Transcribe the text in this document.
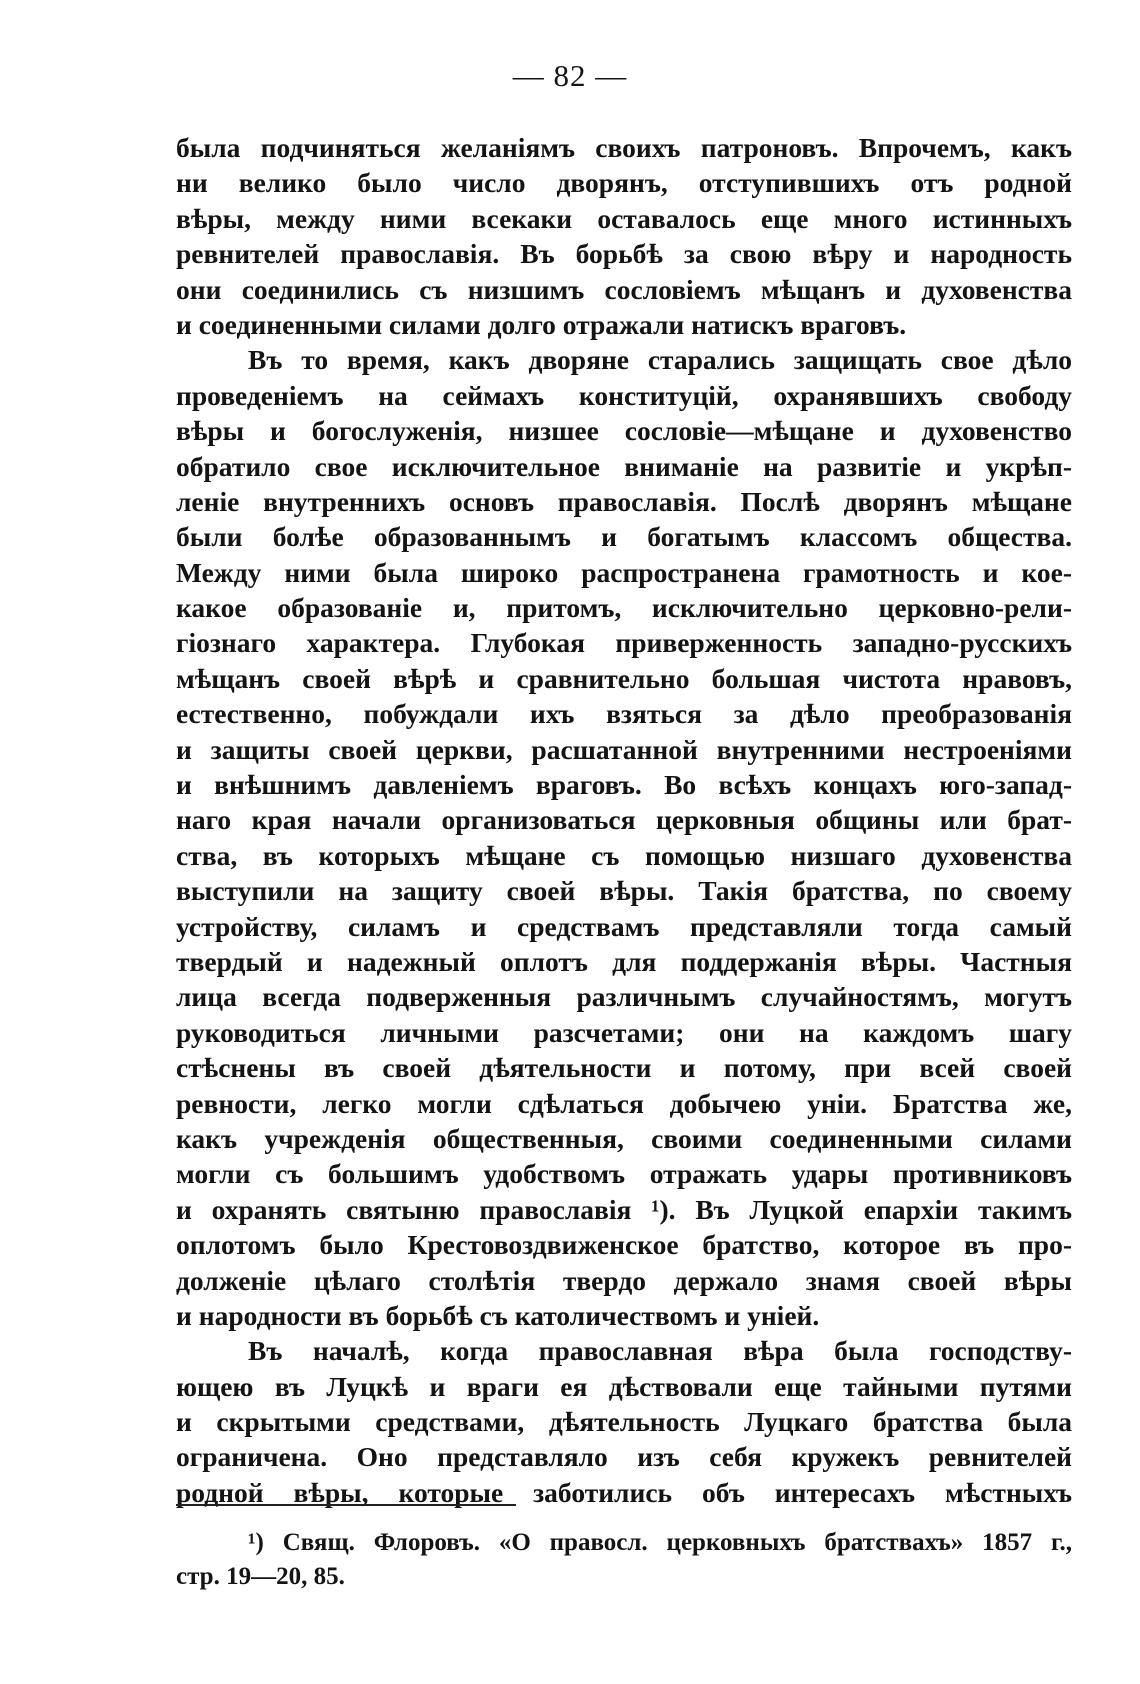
— 82 —
была подчиняться желаніямъ своихъ патроновъ. Впрочемъ, какъ
ни велико было число дворянъ, отступившихъ отъ родной
вѣры, между ними всекаки оставалось еще много истинныхъ
ревнителей православія. Въ борьбѣ за свою вѣру и народность
они соединились съ низшимъ сословіемъ мѣщанъ и духовенства
и соединенными силами долго отражали натискъ враговъ.
Въ то время, какъ дворяне старались защищать свое дѣло
проведеніемъ на сеймахъ конституцій, охранявшихъ свободу
вѣры и богослуженія, низшее сословіе—мѣщане и духовенство
обратило свое исключительное вниманіе на развитіе и укрѣп-
леніе внутреннихъ основъ православія. Послѣ дворянъ мѣщане
были болѣе образованнымъ и богатымъ классомъ общества.
Между ними была широко распространена грамотность и кое-
какое образованіе и, притомъ, исключительно церковно-рели-
гіознаго характера. Глубокая приверженность западно-русскихъ
мѣщанъ своей вѣрѣ и сравнительно большая чистота нравовъ,
естественно, побуждали ихъ взяться за дѣло преобразованія
и защиты своей церкви, расшатанной внутренними нестроеніями
и внѣшнимъ давленіемъ враговъ. Во всѣхъ концахъ юго-запад-
наго края начали организоваться церковныя общины или брат-
ства, въ которыхъ мѣщане съ помощью низшаго духовенства
выступили на защиту своей вѣры. Такія братства, по своему
устройству, силамъ и средствамъ представляли тогда самый
твердый и надежный оплотъ для поддержанія вѣры. Частныя
лица всегда подверженныя различнымъ случайностямъ, могутъ
руководиться личными разсчетами; они на каждомъ шагу
стѣснены въ своей дѣятельности и потому, при всей своей
ревности, легко могли сдѣлаться добычею уніи. Братства же,
какъ учрежденія общественныя, своими соединенными силами
могли съ большимъ удобствомъ отражать удары противниковъ
и охранять святыню православія ¹). Въ Луцкой епархіи такимъ
оплотомъ было Крестовоздвиженское братство, которое въ про-
долженіе цѣлаго столѣтія твердо держало знамя своей вѣры
и народности въ борьбѣ съ католичествомъ и уніей.
Въ началѣ, когда православная вѣра была господству-
ющею въ Луцкѣ и враги ея дѣствовали еще тайными путями
и скрытыми средствами, дѣятельность Луцкаго братства была
ограничена. Оно представляло изъ себя кружекъ ревнителей
родной вѣры, которые заботились объ интересахъ мѣстныхъ
¹) Свящ. Флоровъ. «О правосл. церковныхъ братствахъ» 1857 г.,
стр. 19—20, 85.
